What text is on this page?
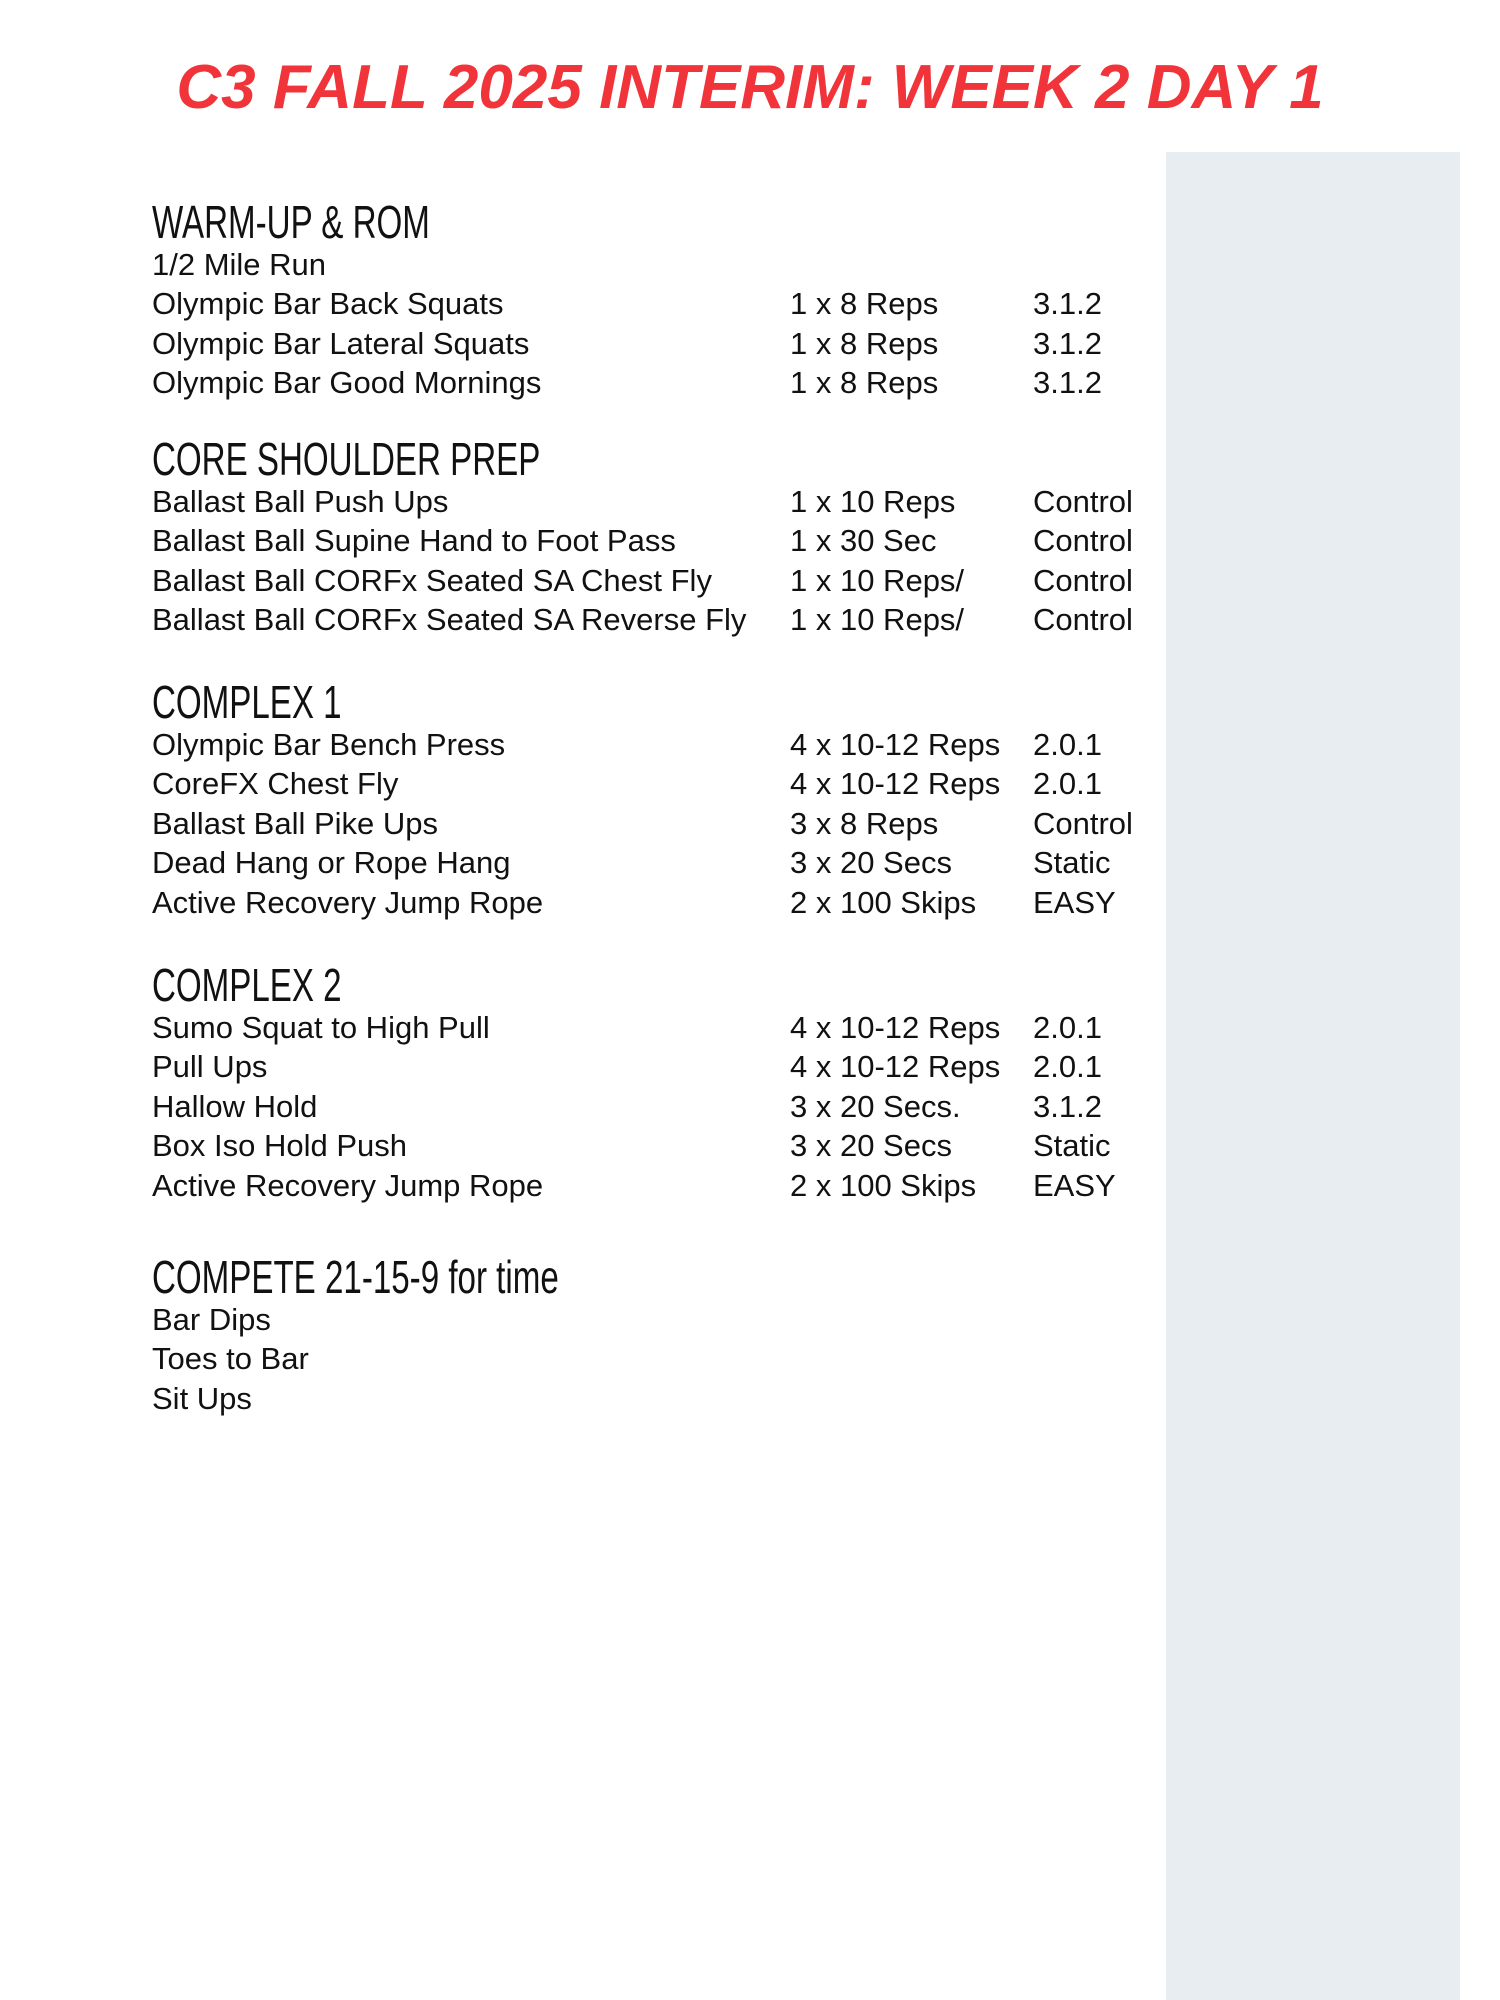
C3 FALL 2025 INTERIM: WEEK 2 DAY 1
WARM-UP & ROM
1/2 Mile Run
Olympic Bar Back Squats	1 x 8 Reps	3.1.2
Olympic Bar Lateral Squats	1 x 8 Reps	3.1.2
Olympic Bar Good Mornings	1 x 8 Reps	3.1.2
CORE SHOULDER PREP
Ballast Ball Push Ups	1 x 10 Reps	Control
Ballast Ball Supine Hand to Foot Pass	1 x 30 Sec	Control
Ballast Ball CORFx Seated SA Chest Fly	1 x 10 Reps/ Control
Ballast Ball CORFx Seated SA Reverse Fly 1 x 10 Reps/ Control
COMPLEX 1
Olympic Bar Bench Press	4 x 10-12 Reps 2.0.1
CoreFX Chest Fly	4 x 10-12 Reps 2.0.1
Ballast Ball Pike Ups	3 x 8 Reps	Control
Dead Hang or Rope Hang	3 x 20 Secs	Static
Active Recovery Jump Rope	2 x 100 Skips EASY
COMPLEX 2
Sumo Squat to High Pull	4 x 10-12 Reps 2.0.1
Pull Ups	4 x 10-12 Reps 2.0.1
Hallow Hold	3 x 20 Secs. 3.1.2
Box Iso Hold Push	3 x 20 Secs	Static
Active Recovery Jump Rope	2 x 100 Skips EASY
COMPETE 21-15-9 for time
Bar Dips
Toes to Bar
Sit Ups
